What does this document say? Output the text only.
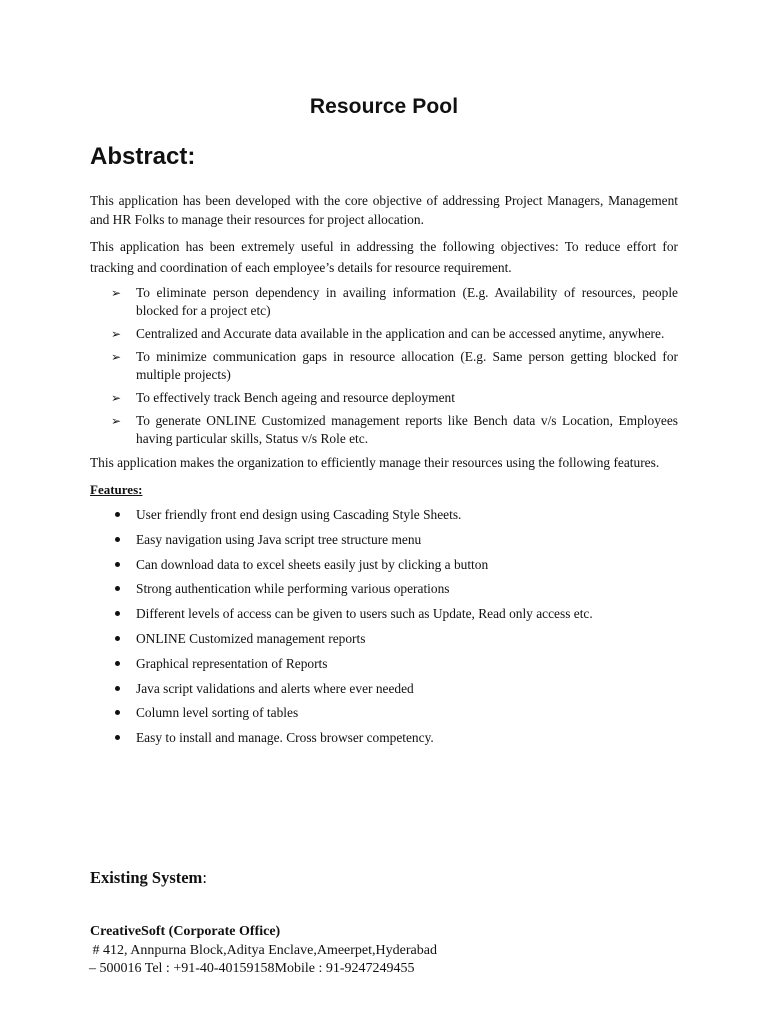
Resource Pool
Abstract:

This application has been developed with the core objective of addressing Project Managers, Management and HR Folks to manage their resources for project allocation.

This application has been extremely useful in addressing the following objectives: To reduce effort for tracking and coordination of each employee’s details for resource requirement.

➢ To eliminate person dependency in availing information (E.g. Availability of resources, people blocked for a project etc)
➢ Centralized and Accurate data available in the application and can be accessed anytime, anywhere.
➢ To minimize communication gaps in resource allocation (E.g. Same person getting blocked for multiple projects)
➢ To effectively track Bench ageing and resource deployment
➢ To generate ONLINE Customized management reports like Bench data v/s Location, Employees having particular skills, Status v/s Role etc.

This application makes the organization to efficiently manage their resources using the following features.

Features:
User friendly front end design using Cascading Style Sheets.
Easy navigation using Java script tree structure menu
Can download data to excel sheets easily just by clicking a button
Strong authentication while performing various operations
Different levels of access can be given to users such as Update, Read only access etc.
ONLINE Customized management reports
Graphical representation of Reports
Java script validations and alerts where ever needed
Column level sorting of tables
Easy to install and manage. Cross browser competency.
Existing System:
CreativeSoft (Corporate Office)
# 412, Annpurna Block,Aditya Enclave,Ameerpet,Hyderabad
– 500016 Tel : +91-40-40159158Mobile : 91-9247249455
